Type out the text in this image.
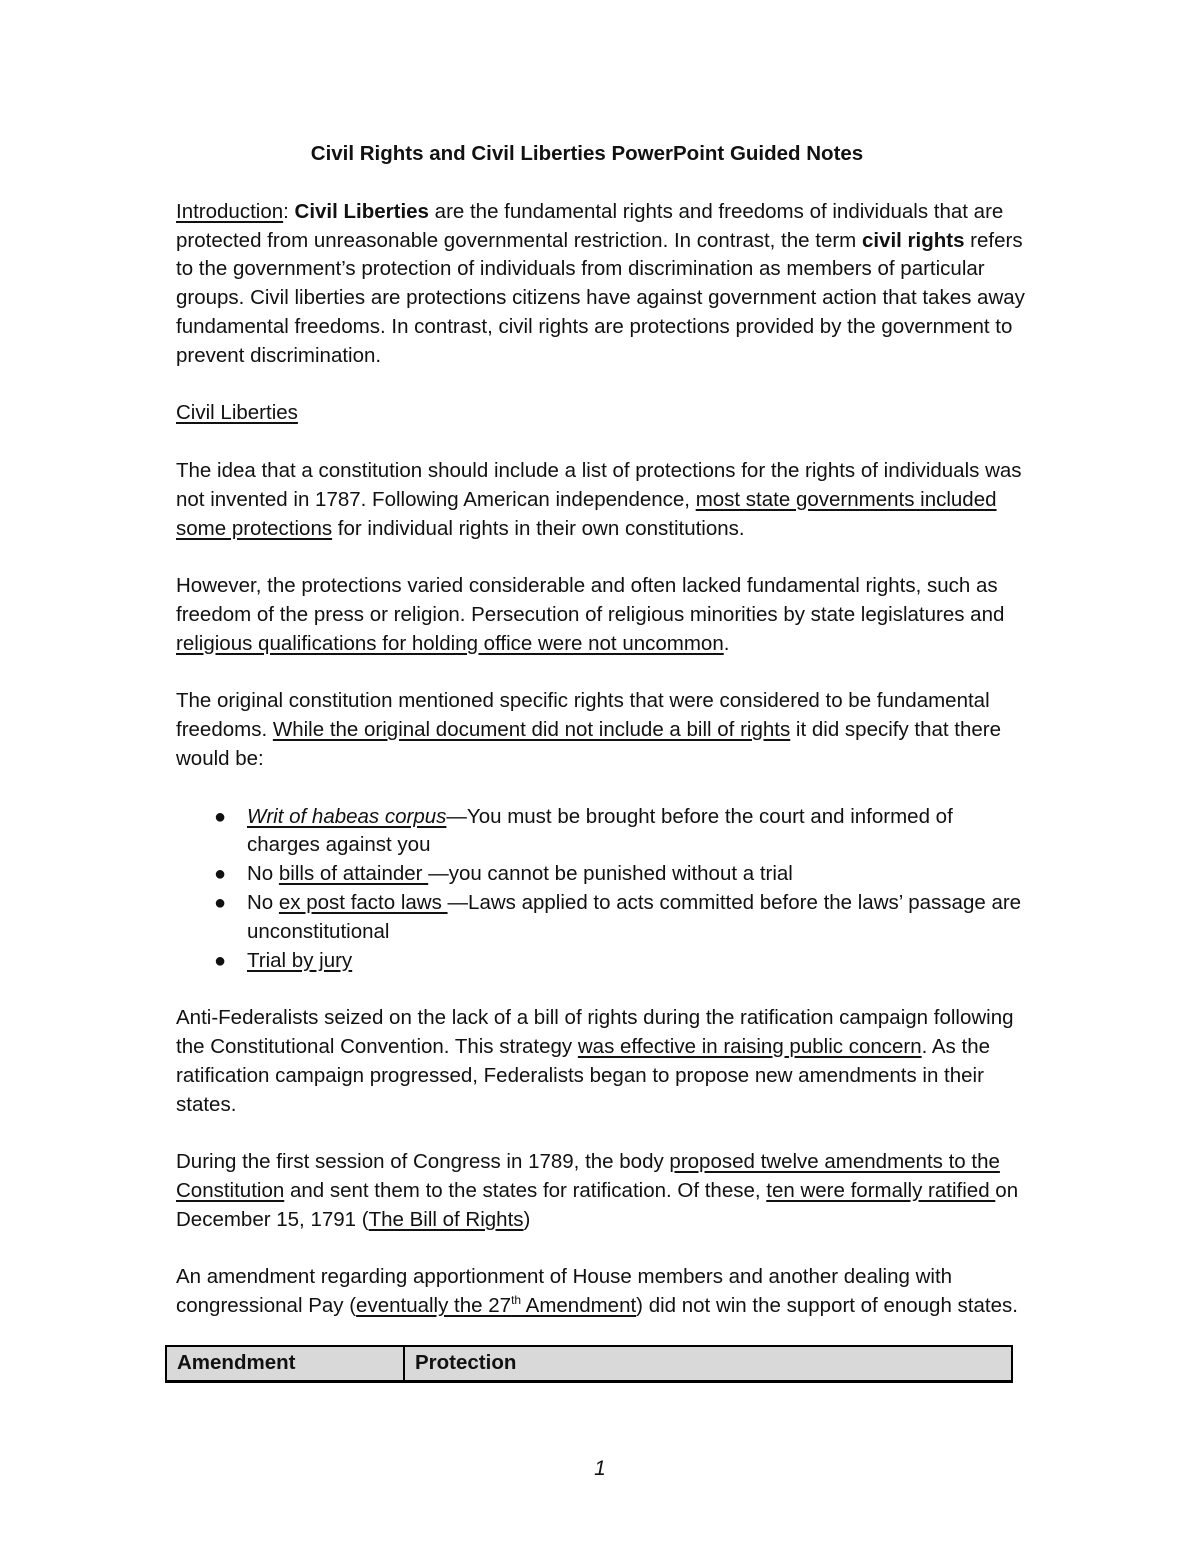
Civil Rights and Civil Liberties PowerPoint Guided Notes

Introduction: Civil Liberties are the fundamental rights and freedoms of individuals that are protected from unreasonable governmental restriction. In contrast, the term civil rights refers to the government’s protection of individuals from discrimination as members of particular groups. Civil liberties are protections citizens have against government action that takes away fundamental freedoms. In contrast, civil rights are protections provided by the government to prevent discrimination.

Civil Liberties

The idea that a constitution should include a list of protections for the rights of individuals was not invented in 1787. Following American independence, most state governments included some protections for individual rights in their own constitutions.

However, the protections varied considerable and often lacked fundamental rights, such as freedom of the press or religion. Persecution of religious minorities by state legislatures and religious qualifications for holding office were not uncommon.

The original constitution mentioned specific rights that were considered to be fundamental freedoms. While the original document did not include a bill of rights it did specify that there would be:

● Writ of habeas corpus—You must be brought before the court and informed of charges against you
● No bills of attainder —you cannot be punished without a trial
● No ex post facto laws —Laws applied to acts committed before the laws’ passage are unconstitutional
● Trial by jury

Anti-Federalists seized on the lack of a bill of rights during the ratification campaign following the Constitutional Convention. This strategy was effective in raising public concern. As the ratification campaign progressed, Federalists began to propose new amendments in their states.

During the first session of Congress in 1789, the body proposed twelve amendments to the Constitution and sent them to the states for ratification. Of these, ten were formally ratified on December 15, 1791 (The Bill of Rights)

An amendment regarding apportionment of House members and another dealing with congressional Pay (eventually the 27th Amendment) did not win the support of enough states.

Amendment	Protection
1
